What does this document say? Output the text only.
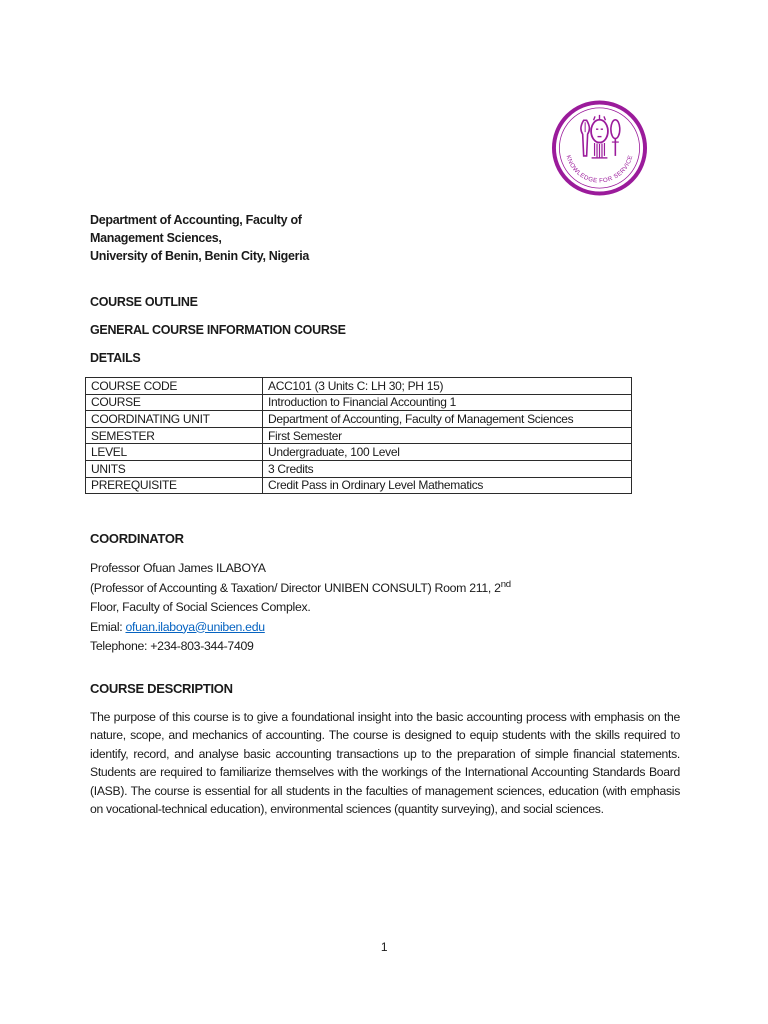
KNOWLEDGE FOR SERVICE
Department of Accounting, Faculty of
Management Sciences,
University of Benin, Benin City, Nigeria
COURSE OUTLINE
GENERAL COURSE INFORMATION COURSE
DETAILS
COURSE CODE	ACC101 (3 Units C: LH 30; PH 15)
COURSE	Introduction to Financial Accounting 1
COORDINATING UNIT	Department of Accounting, Faculty of Management Sciences
SEMESTER	First Semester
LEVEL	Undergraduate, 100 Level
UNITS	3 Credits
PREREQUISITE	Credit Pass in Ordinary Level Mathematics
COORDINATOR
Professor Ofuan James ILABOYA
(Professor of Accounting & Taxation/ Director UNIBEN CONSULT) Room 211, 2nd
Floor, Faculty of Social Sciences Complex.
Emial: ofuan.ilaboya@uniben.edu
Telephone: +234-803-344-7409
COURSE DESCRIPTION

The purpose of this course is to give a foundational insight into the basic accounting process with emphasis on the nature, scope, and mechanics of accounting. The course is designed to equip students with the skills required to identify, record, and analyse basic accounting transactions up to the preparation of simple financial statements. Students are required to familiarize themselves with the workings of the International Accounting Standards Board (IASB). The course is essential for all students in the faculties of management sciences, education (with emphasis on vocational-technical education), environmental sciences (quantity surveying), and social sciences.

1
